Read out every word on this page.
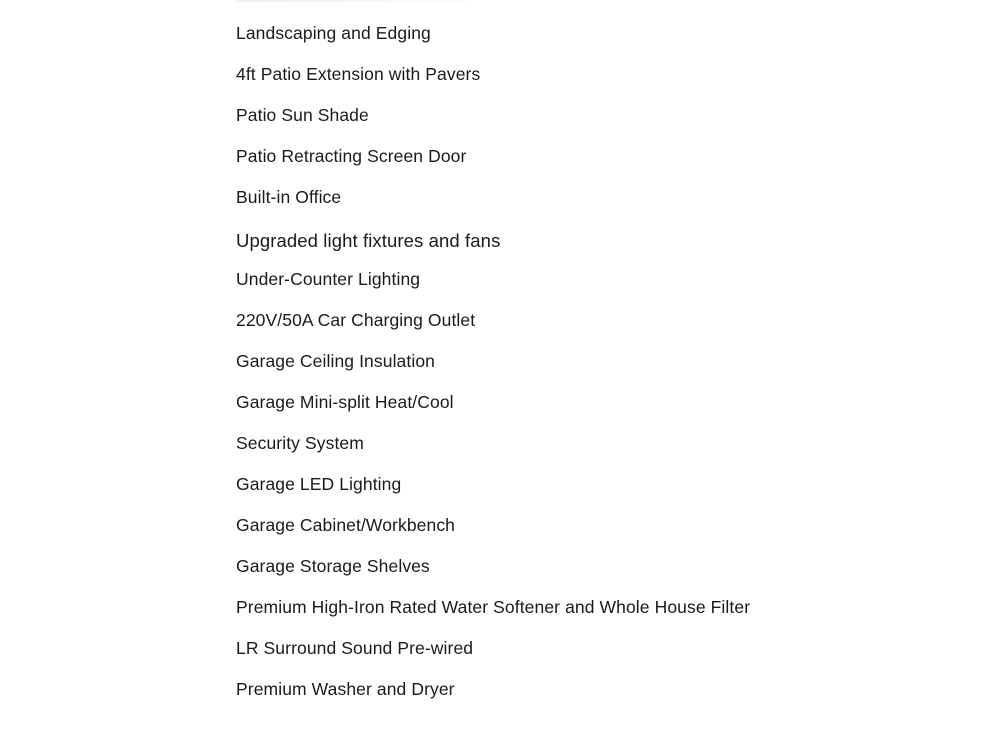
Landscaping and Edging
4ft Patio Extension with Pavers
Patio Sun Shade
Patio Retracting Screen Door
Built-in Office
Upgraded light fixtures and fans
Under-Counter Lighting
220V/50A Car Charging Outlet
Garage Ceiling Insulation
Garage Mini-split Heat/Cool
Security System
Garage LED Lighting
Garage Cabinet/Workbench
Garage Storage Shelves
Premium High-Iron Rated Water Softener and Whole House Filter
LR Surround Sound Pre-wired
Premium Washer and Dryer
